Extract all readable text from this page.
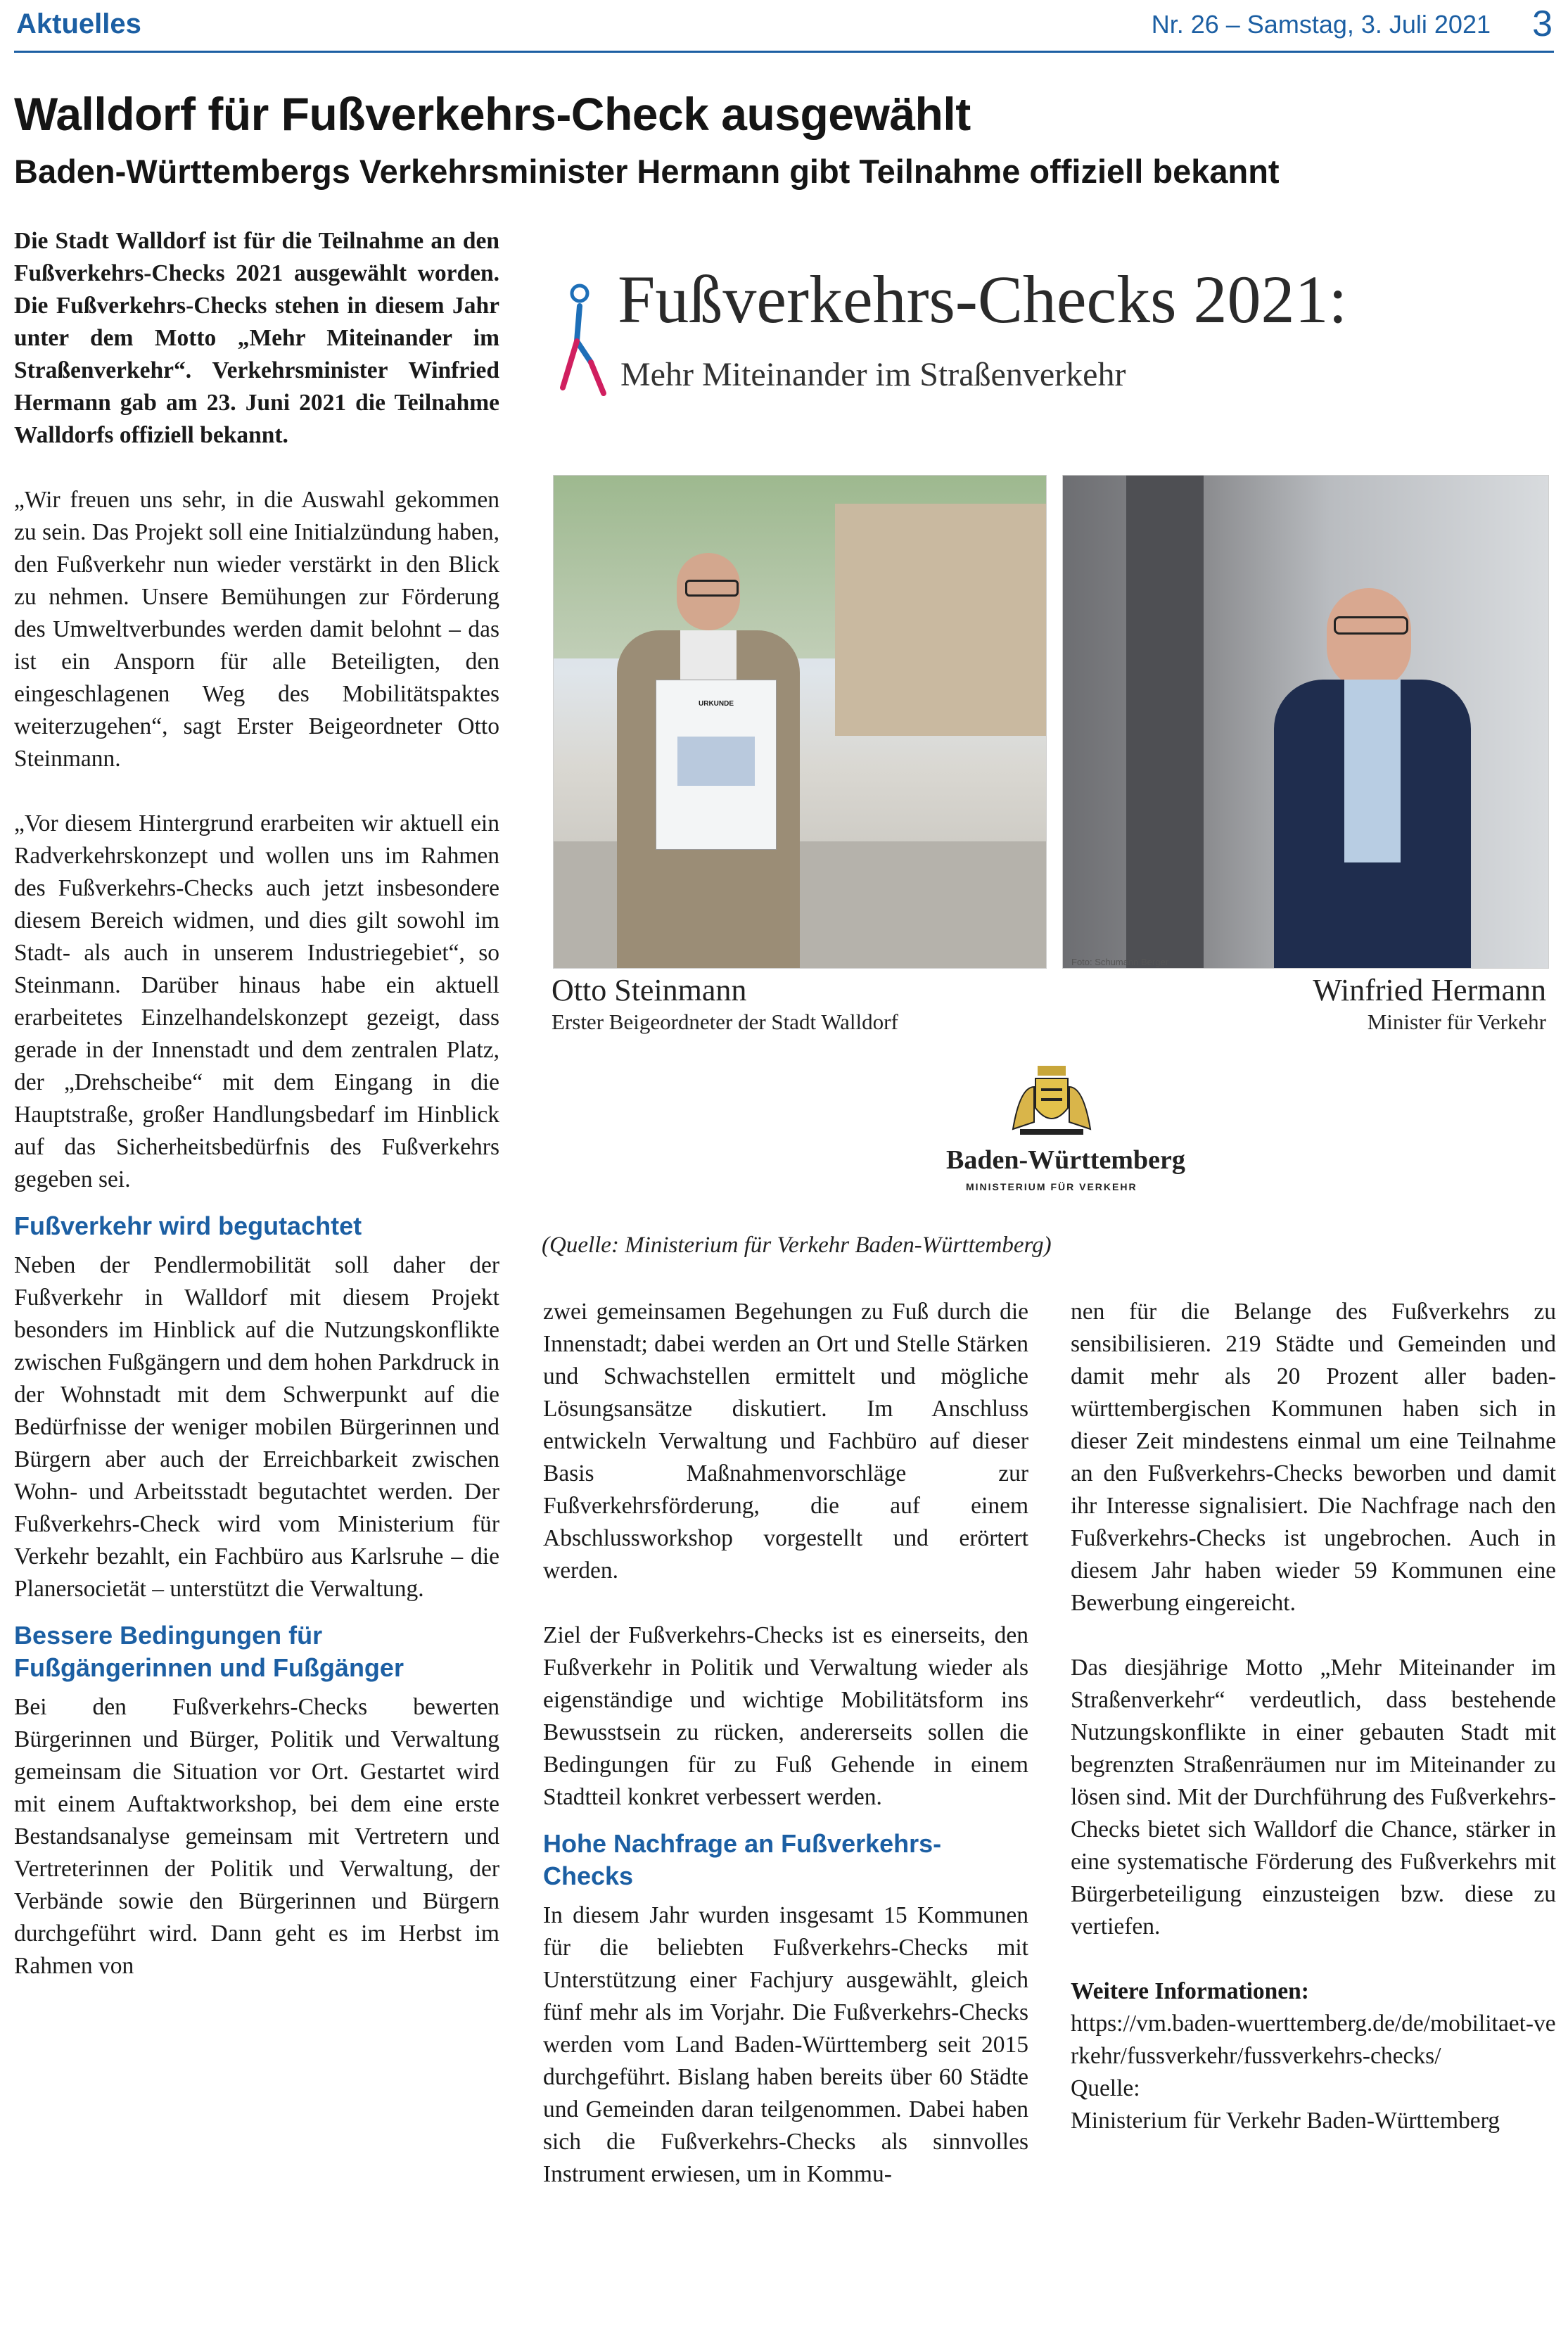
Aktuelles	Nr. 26 – Samstag, 3. Juli 2021 3
Walldorf für Fußverkehrs-Check ausgewählt
Baden-Württembergs Verkehrsminister Hermann gibt Teilnahme offiziell bekannt

Die Stadt Walldorf ist für die Teilnahme an den Fußverkehrs-Checks 2021 ausgewählt worden. Die Fußverkehrs-Checks stehen in diesem Jahr unter dem Motto „Mehr Miteinander im Straßenverkehr“. Verkehrsminister Winfried Hermann gab am 23. Juni 2021 die Teilnahme Walldorfs offiziell bekannt.

„Wir freuen uns sehr, in die Auswahl gekommen zu sein. Das Projekt soll eine Initialzündung haben, den Fußverkehr nun wieder verstärkt in den Blick zu nehmen. Unsere Bemühungen zur Förderung des Umweltverbundes werden damit belohnt – das ist ein Ansporn für alle Beteiligten, den eingeschlagenen Weg des Mobilitätspaktes weiterzugehen“, sagt Erster Beigeordneter Otto Steinmann.

„Vor diesem Hintergrund erarbeiten wir aktuell ein Radverkehrskonzept und wollen uns im Rahmen des Fußverkehrs-Checks auch jetzt insbesondere diesem Bereich widmen, und dies gilt sowohl im Stadt- als auch in unserem Industriegebiet“, so Steinmann. Darüber hinaus habe ein aktuell erarbeitetes Einzelhandelskonzept gezeigt, dass gerade in der Innenstadt und dem zentralen Platz, der „Drehscheibe“ mit dem Eingang in die Hauptstraße, großer Handlungsbedarf im Hinblick auf das Sicherheitsbedürfnis des Fußverkehrs gegeben sei.

Fußverkehr wird begutachtet

Neben der Pendlermobilität soll daher der Fußverkehr in Walldorf mit diesem Projekt besonders im Hinblick auf die Nutzungskonflikte zwischen Fußgängern und dem hohen Parkdruck in der Wohnstadt mit dem Schwerpunkt auf die Bedürfnisse der weniger mobilen Bürgerinnen und Bürgern aber auch der Erreichbarkeit zwischen Wohn- und Arbeitsstadt begutachtet werden. Der Fußverkehrs-Check wird vom Ministerium für Verkehr bezahlt, ein Fachbüro aus Karlsruhe – die Planersocietät – unterstützt die Verwaltung.

Bessere Bedingungen für Fußgängerinnen und Fußgänger

Bei den Fußverkehrs-Checks bewerten Bürgerinnen und Bürger, Politik und Verwaltung gemeinsam die Situation vor Ort. Gestartet wird mit einem Auftaktworkshop, bei dem eine erste Bestandsanalyse gemeinsam mit Vertretern und Vertreterinnen der Politik und Verwaltung, der Verbände sowie den Bürgerinnen und Bürgern durchgeführt wird. Dann geht es im Herbst im Rahmen von

Fußverkehrs-Checks 2021:
Mehr Miteinander im Straßenverkehr
URKUNDE
Foto: Schumann Berger
Otto Steinmann
Erster Beigeordneter der Stadt Walldorf
Winfried Hermann
Minister für Verkehr
Baden-Württemberg
MINISTERIUM FÜR VERKEHR
(Quelle: Ministerium für Verkehr Baden-Württemberg)

zwei gemeinsamen Begehungen zu Fuß durch die Innenstadt; dabei werden an Ort und Stelle Stärken und Schwachstellen ermittelt und mögliche Lösungsansätze diskutiert. Im Anschluss entwickeln Verwaltung und Fachbüro auf dieser Basis Maßnahmenvorschläge zur Fußverkehrsförderung, die auf einem Abschlussworkshop vorgestellt und erörtert werden.

Ziel der Fußverkehrs-Checks ist es einerseits, den Fußverkehr in Politik und Verwaltung wieder als eigenständige und wichtige Mobilitätsform ins Bewusstsein zu rücken, andererseits sollen die Bedingungen für zu Fuß Gehende in einem Stadtteil konkret verbessert werden.

Hohe Nachfrage an Fußverkehrs-Checks

In diesem Jahr wurden insgesamt 15 Kommunen für die beliebten Fußverkehrs-Checks mit Unterstützung einer Fachjury ausgewählt, gleich fünf mehr als im Vorjahr. Die Fußverkehrs-Checks werden vom Land Baden-Württemberg seit 2015 durchgeführt. Bislang haben bereits über 60 Städte und Gemeinden daran teilgenommen. Dabei haben sich die Fußverkehrs-Checks als sinnvolles Instrument erwiesen, um in Kommu-

nen für die Belange des Fußverkehrs zu sensibilisieren. 219 Städte und Gemeinden und damit mehr als 20 Prozent aller baden-württembergischen Kommunen haben sich in dieser Zeit mindestens einmal um eine Teilnahme an den Fußverkehrs-Checks beworben und damit ihr Interesse signalisiert. Die Nachfrage nach den Fußverkehrs-Checks ist ungebrochen. Auch in diesem Jahr haben wieder 59 Kommunen eine Bewerbung eingereicht.

Das diesjährige Motto „Mehr Miteinander im Straßenverkehr“ verdeutlich, dass bestehende Nutzungskonflikte in einer gebauten Stadt mit begrenzten Straßenräumen nur im Miteinander zu lösen sind. Mit der Durchführung des Fußverkehrs-Checks bietet sich Walldorf die Chance, stärker in eine systematische Förderung des Fußverkehrs mit Bürgerbeteiligung einzusteigen bzw. diese zu vertiefen.

Weitere Informationen:
https://vm.baden-wuerttemberg.de/de/mobilitaet-verkehr/fussverkehr/fussverkehrs-checks/
Quelle:
Ministerium für Verkehr Baden-Württemberg
